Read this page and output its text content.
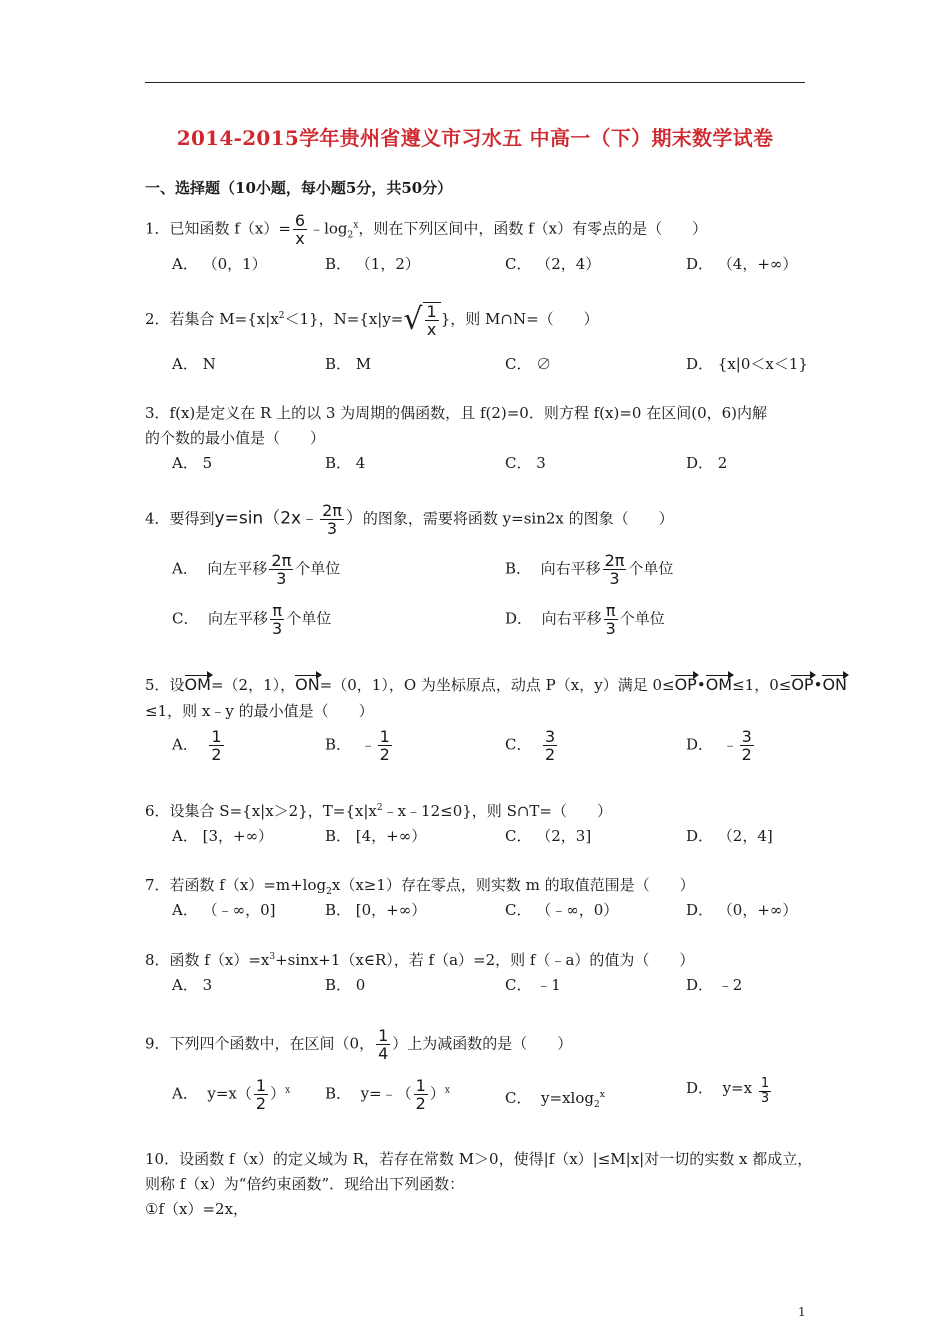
2014-2015学年贵州省遵义市习水五 中高一（下）期末数学试卷
一、选择题（10小题，每小题5分，共50分）
1．已知函数 $f(x)= \frac{6}{x}$ $﹣\log_2^x$，则在下列区间中，函数 f（x）有零点的是（　　）
A． （0，1）	B． （1，2）	C． （2，4）	D． （4，+∞）
2．若集合 $M=\{x|x^2<1\}$，N={x|y= √ $\frac{1}{x}$ }，则 M∩N=（　　）
A． N	B． M	C． ∅	D． {x|0＜x＜1}
3．f(x)是定义在 R 上的以 3 为周期的偶函数，且 f(2)=0．则方程 f(x)=0 在区间(0，6)内解
的个数的最小值是（　　）
A． 5	B． 4	C． 3	D． 2
4．要得到y=sin（2x﹣ $\frac{2\pi}{3}$ ）的图象，需要将函数 y=sin2x 的图象（　　）
A． 向左平移 $\frac{2\pi}{3}$ 个单位	B． 向右平移 $\frac{2\pi}{3}$ 个单位
C． 向左平移 $\frac{\pi}{3}$ 个单位	D． 向右平移 $\frac{\pi}{3}$ 个单位
5．设OM=（2，1），ON=（0，1），O 为坐标原点，动点 P（x，y）满足 0≤OP•OM≤1，0≤OP•ON
≤1，则 x﹣y 的最小值是（　　）
A． $\frac{1}{2}$	B． ﹣ $\frac{1}{2}$	C． $\frac{3}{2}$	D． ﹣ $\frac{3}{2}$
6．设集合 S={x|x＞2}，$T=\{x|x^2﹣x﹣12\le 0\}$，则 S∩T=（　　）
A． [3，+∞）	B． [4，+∞）	C． （2，3]	D． （2，4]
7．若函数 $f(x)=m+\log_2x(x\ge 1)$存在零点，则实数 m 的取值范围是（　　）
A． （﹣∞，0]	B． [0，+∞）	C． （﹣∞，0）	D． （0，+∞）
8．函数 $f(x)=x^3+\sin x+1(x\in R)$，若 f（a）=2，则 f（﹣a）的值为（　　）
A． 3	B． 0	C． ﹣1	D． ﹣2
9．下列四个函数中，在区间（0， $\frac{1}{4}$ ）上为减函数的是（　　）
A． $y=x( \frac{1}{2} )^x$ B． y=﹣（ $\frac{1}{2} )^x$	C． y=xlog$_2^x$	D． $y=x \frac{1}{3}$
10．设函数 f（x）的定义域为 R，若存在常数 M＞0，使得|f（x）|≤M|x|对一切的实数 x 都成立，
则称 f（x）为“倍约束函数”．现给出下列函数：
①f（x）=2x，
1
